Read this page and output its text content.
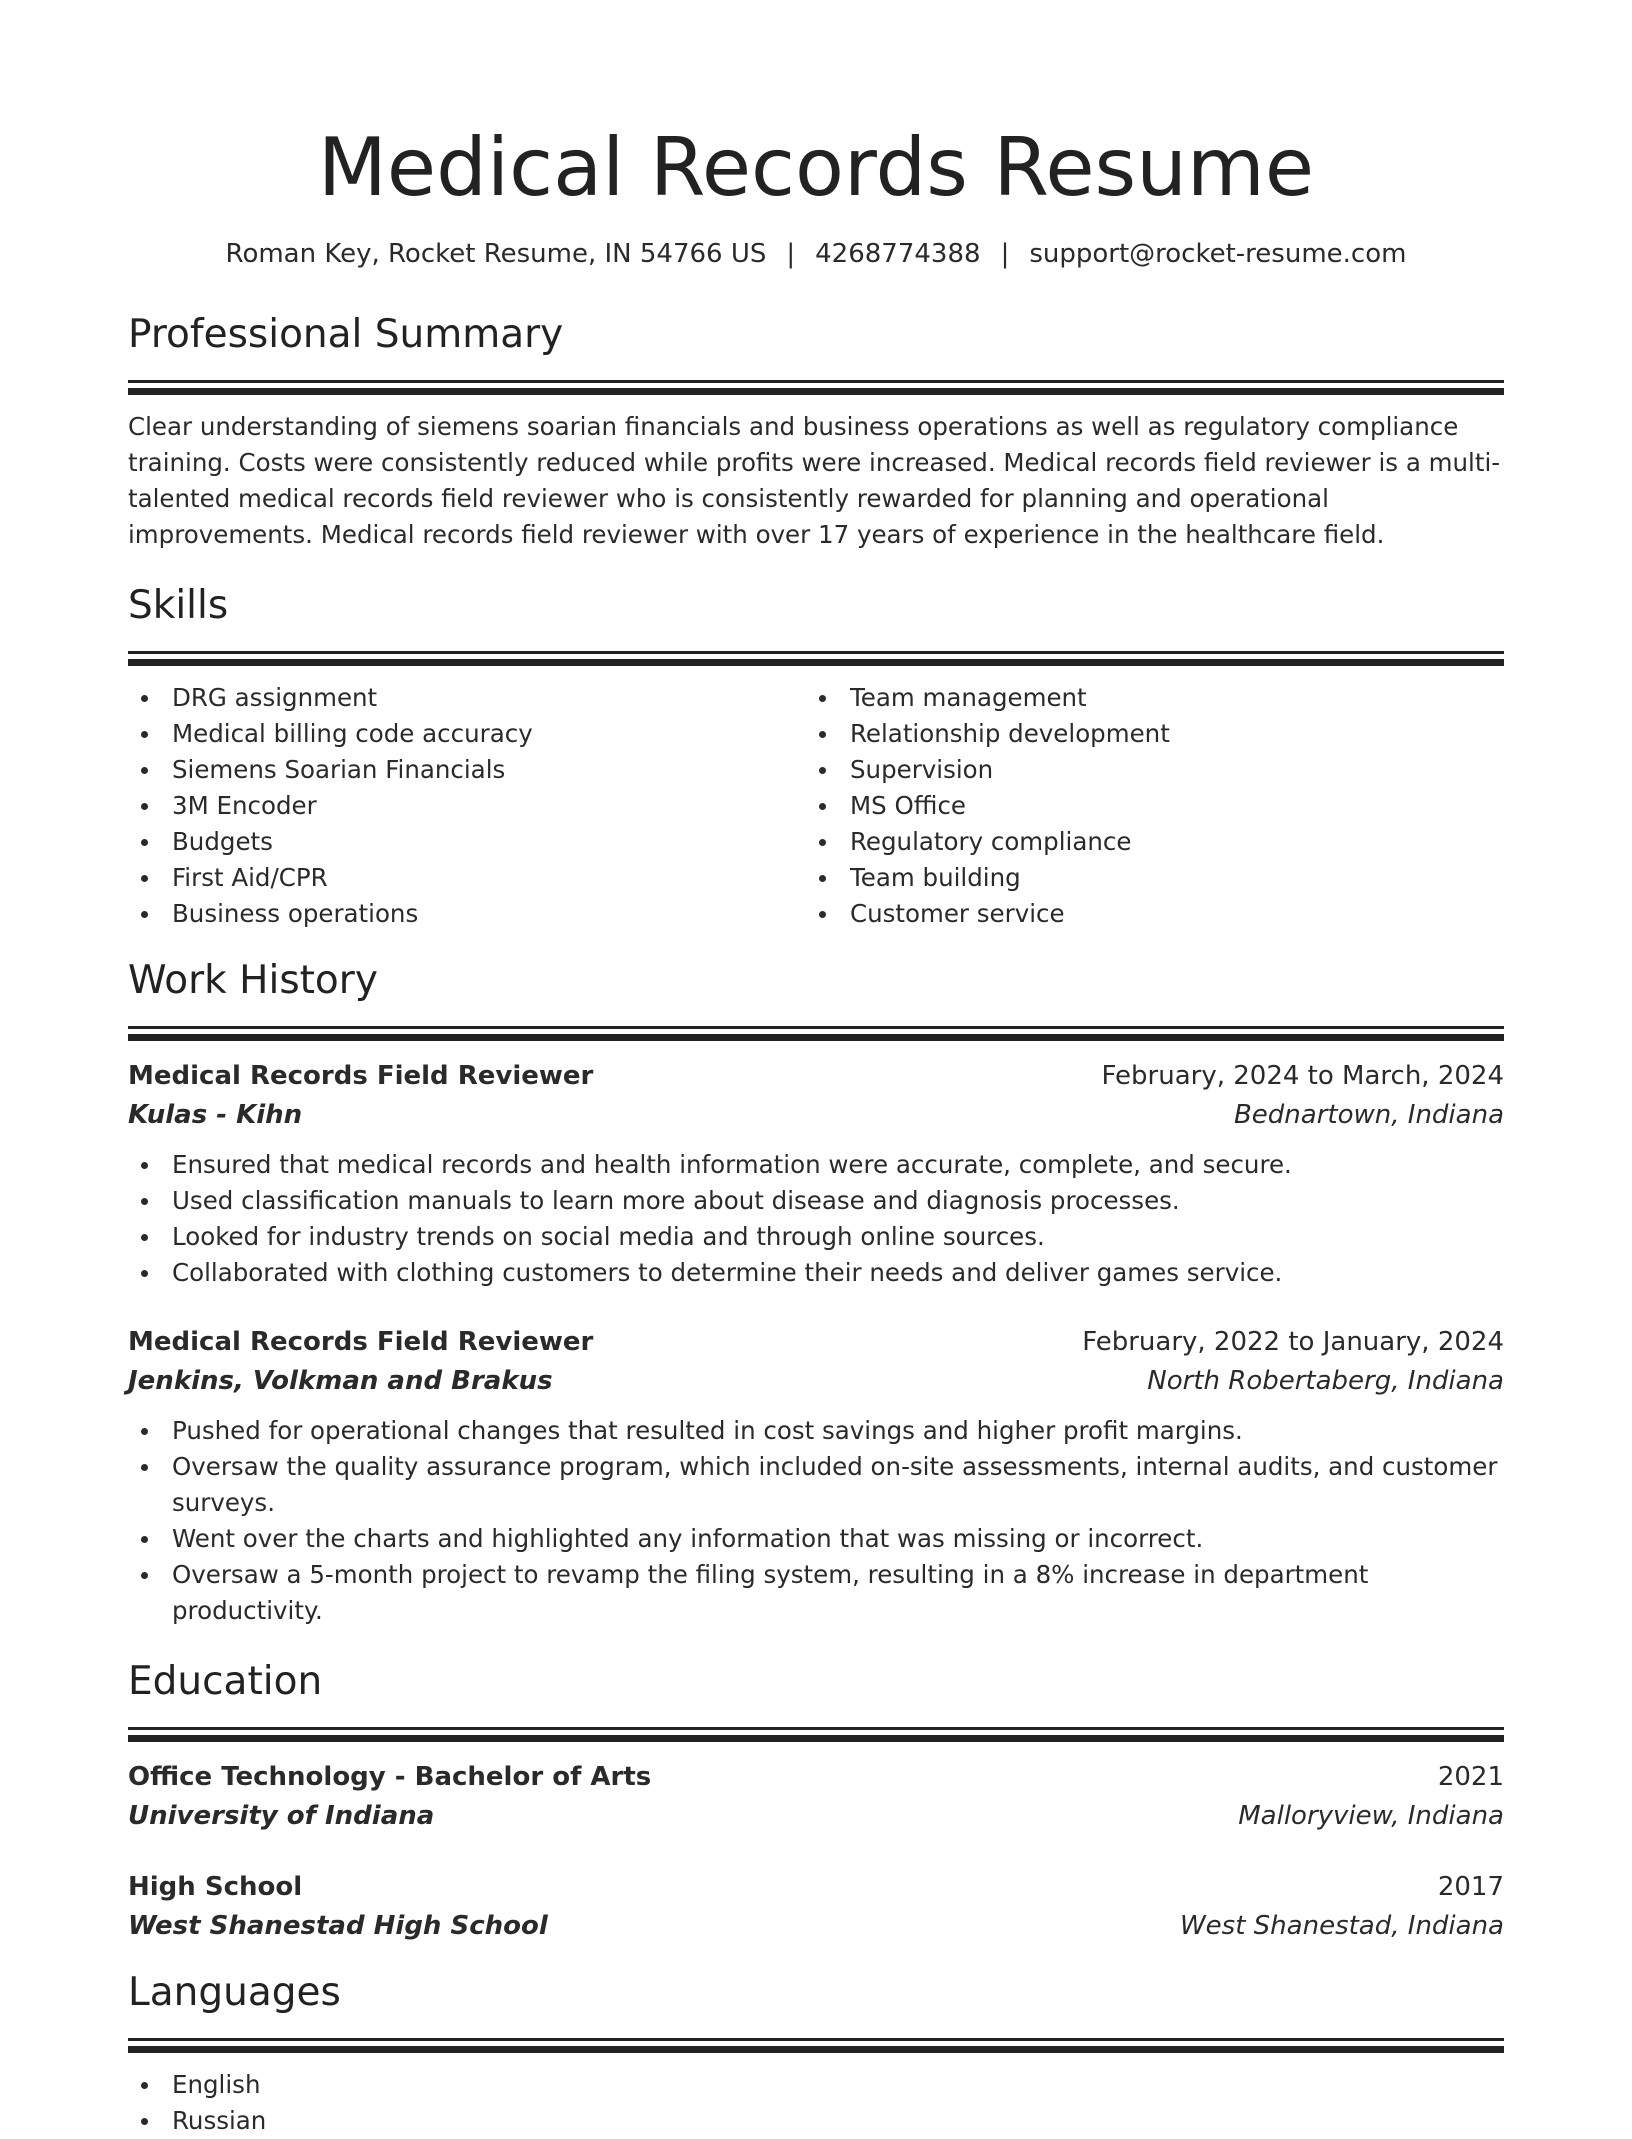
Medical Records Resume
Roman Key, Rocket Resume, IN 54766 US | 4268774388 | support@rocket-resume.com
Professional Summary

Clear understanding of siemens soarian financials and business operations as well as regulatory compliance training. Costs were consistently reduced while profits were increased. Medical records field reviewer is a multi-talented medical records field reviewer who is consistently rewarded for planning and operational improvements. Medical records field reviewer with over 17 years of experience in the healthcare field.

Skills
DRG assignment
Medical billing code accuracy
Siemens Soarian Financials
3M Encoder
Budgets
First Aid/CPR
Business operations
Team management
Relationship development
Supervision
MS Office
Regulatory compliance
Team building
Customer service
Work History
Medical Records Field Reviewer	February, 2024 to March, 2024
Kulas - Kihn	Bednartown, Indiana
Ensured that medical records and health information were accurate, complete, and secure.
Used classification manuals to learn more about disease and diagnosis processes.
Looked for industry trends on social media and through online sources.
Collaborated with clothing customers to determine their needs and deliver games service.
Medical Records Field Reviewer	February, 2022 to January, 2024
Jenkins, Volkman and Brakus	North Robertaberg, Indiana
Pushed for operational changes that resulted in cost savings and higher profit margins.
Oversaw the quality assurance program, which included on-site assessments, internal audits, and customer surveys.
Went over the charts and highlighted any information that was missing or incorrect.
Oversaw a 5-month project to revamp the filing system, resulting in a 8% increase in department productivity.
Education
Office Technology - Bachelor of Arts	2021
University of Indiana	Malloryview, Indiana
High School	2017
West Shanestad High School	West Shanestad, Indiana
Languages
English
Russian
